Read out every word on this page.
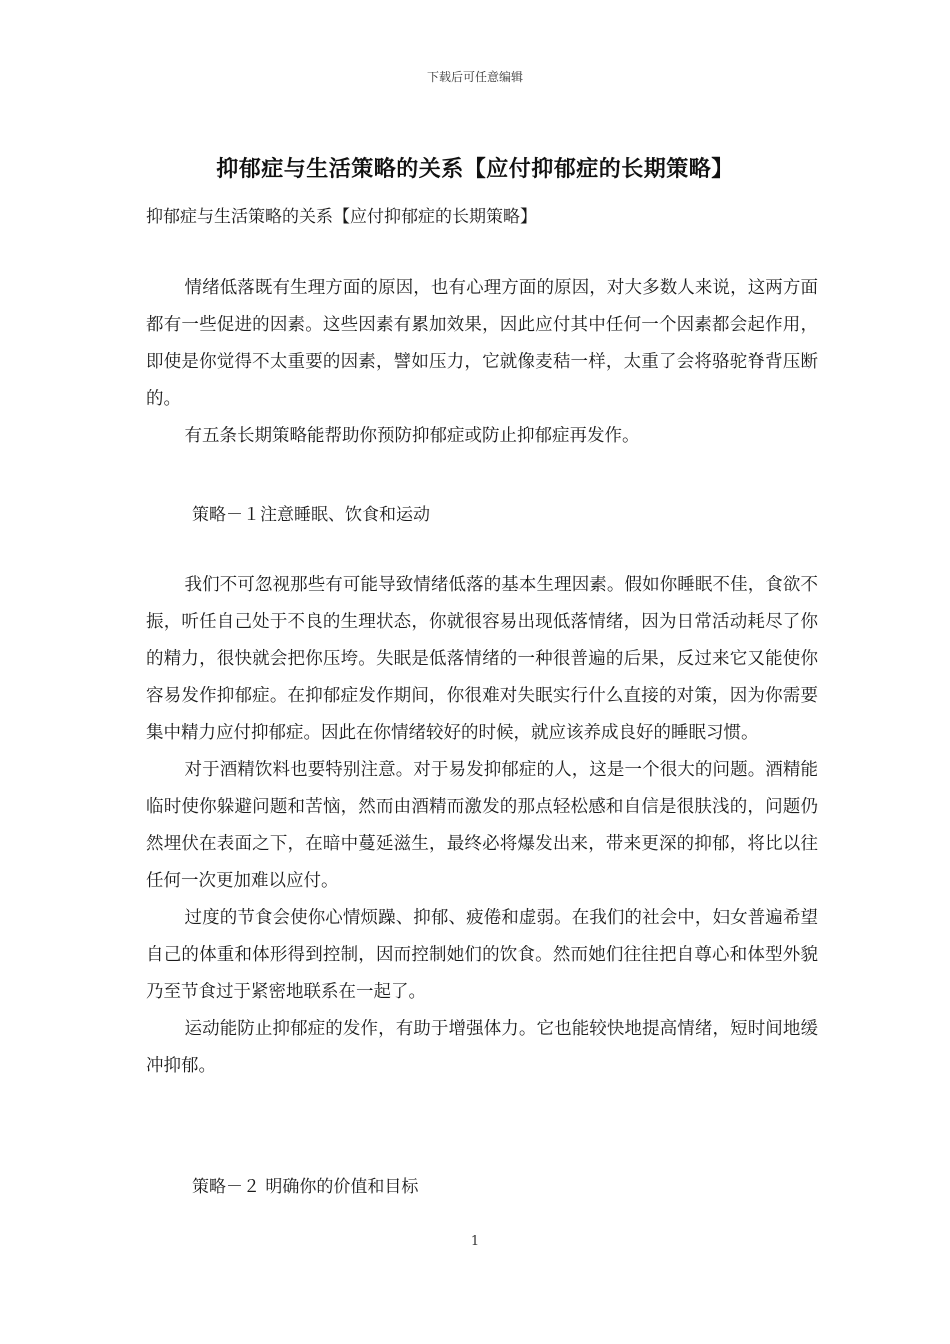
下载后可任意编辑
抑郁症与生活策略的关系【应付抑郁症的长期策略】
抑郁症与生活策略的关系【应付抑郁症的长期策略】

情绪低落既有生理方面的原因，也有心理方面的原因，对大多数人来说，这两方面都有一些促进的因素。这些因素有累加效果，因此应付其中任何一个因素都会起作用，即使是你觉得不太重要的因素，譬如压力，它就像麦秸一样，太重了会将骆驼脊背压断的。

有五条长期策略能帮助你预防抑郁症或防止抑郁症再发作。

策略－１注意睡眠、饮食和运动

我们不可忽视那些有可能导致情绪低落的基本生理因素。假如你睡眠不佳，食欲不振，听任自己处于不良的生理状态，你就很容易出现低落情绪，因为日常活动耗尽了你的精力，很快就会把你压垮。失眠是低落情绪的一种很普遍的后果，反过来它又能使你容易发作抑郁症。在抑郁症发作期间，你很难对失眠实行什么直接的对策，因为你需要集中精力应付抑郁症。因此在你情绪较好的时候，就应该养成良好的睡眠习惯。

对于酒精饮料也要特别注意。对于易发抑郁症的人，这是一个很大的问题。酒精能临时使你躲避问题和苦恼，然而由酒精而激发的那点轻松感和自信是很肤浅的，问题仍然埋伏在表面之下，在暗中蔓延滋生，最终必将爆发出来，带来更深的抑郁，将比以往任何一次更加难以应付。

过度的节食会使你心情烦躁、抑郁、疲倦和虚弱。在我们的社会中，妇女普遍希望自己的体重和体形得到控制，因而控制她们的饮食。然而她们往往把自尊心和体型外貌乃至节食过于紧密地联系在一起了。

运动能防止抑郁症的发作，有助于增强体力。它也能较快地提高情绪，短时间地缓冲抑郁。

策略－２ 明确你的价值和目标
1
